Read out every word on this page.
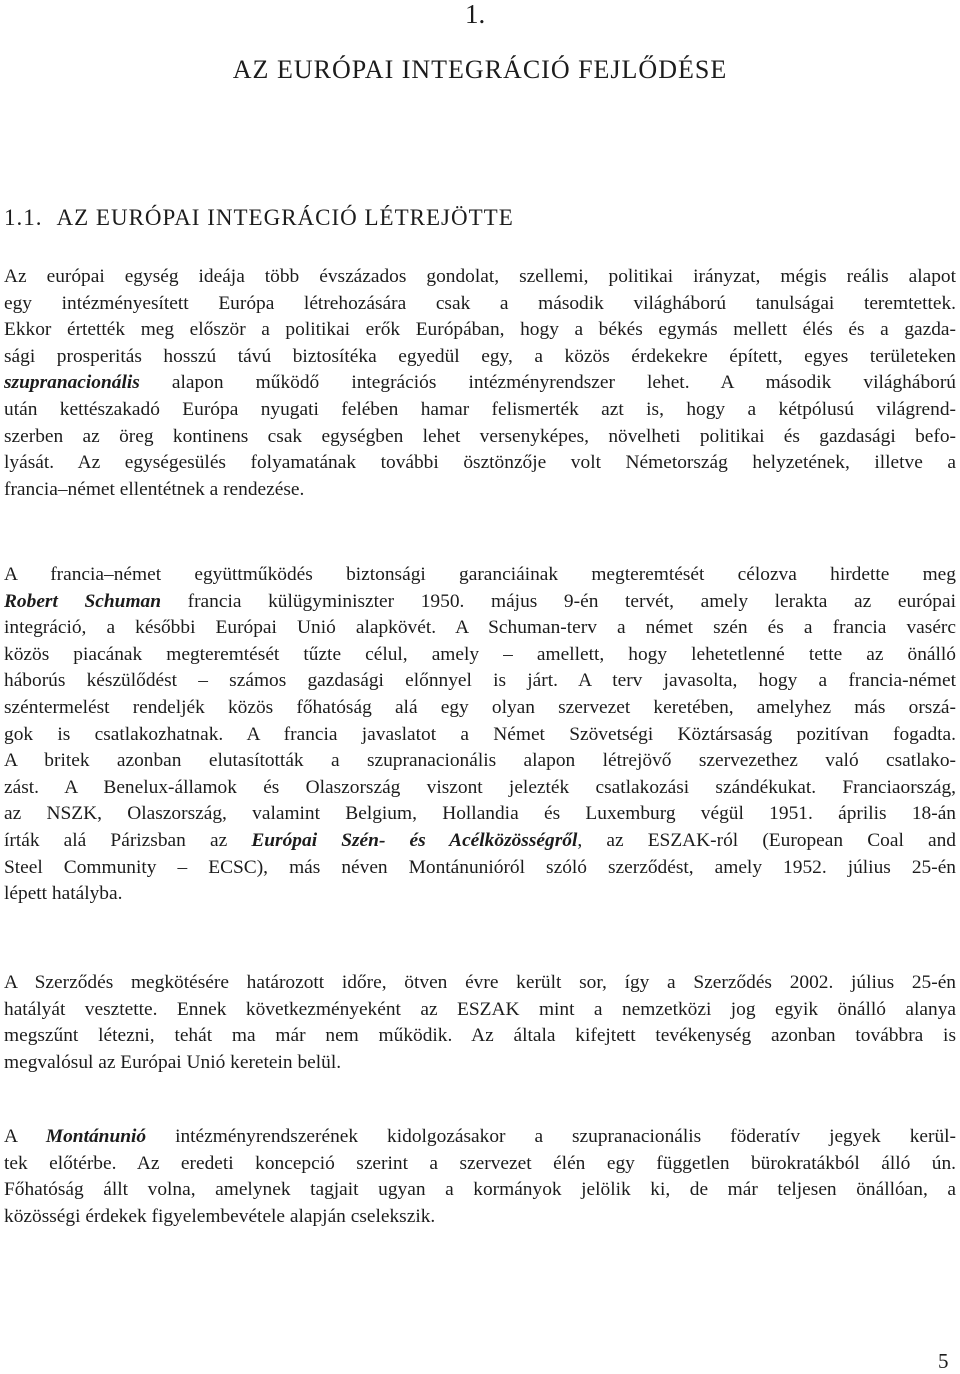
1.
AZ EURÓPAI INTEGRÁCIÓ FEJLŐDÉSE
1.1. AZ EURÓPAI INTEGRÁCIÓ LÉTREJÖTTE

Az európai egység ideája több évszázados gondolat, szellemi, politikai irányzat, mégis reális alapot
egy intézményesített Európa létrehozására csak a második világháború tanulságai teremtettek.
Ekkor értették meg először a politikai erők Európában, hogy a békés egymás mellett élés és a gazda-
sági prosperitás hosszú távú biztosítéka egyedül egy, a közös érdekekre épített, egyes területeken
szupranacionális alapon működő integrációs intézményrendszer lehet. A második világháború
után kettészakadó Európa nyugati felében hamar felismerték azt is, hogy a kétpólusú világrend-
szerben az öreg kontinens csak egységben lehet versenyképes, növelheti politikai és gazdasági befo-
lyását. Az egységesülés folyamatának további ösztönzője volt Németország helyzetének, illetve a
francia–német ellentétnek a rendezése.

A francia–német együttműködés biztonsági garanciáinak megteremtését célozva hirdette meg
Robert Schuman francia külügyminiszter 1950. május 9-én tervét, amely lerakta az európai
integráció, a későbbi Európai Unió alapkövét. A Schuman-terv a német szén és a francia vasérc
közös piacának megteremtését tűzte célul, amely – amellett, hogy lehetetlenné tette az önálló
háborús készülődést – számos gazdasági előnnyel is járt. A terv javasolta, hogy a francia-német
széntermelést rendeljék közös főhatóság alá egy olyan szervezet keretében, amelyhez más orszá-
gok is csatlakozhatnak. A francia javaslatot a Német Szövetségi Köztársaság pozitívan fogadta.
A britek azonban elutasították a szupranacionális alapon létrejövő szervezethez való csatlako-
zást. A Benelux-államok és Olaszország viszont jelezték csatlakozási szándékukat. Franciaország,
az NSZK, Olaszország, valamint Belgium, Hollandia és Luxemburg végül 1951. április 18-án
írták alá Párizsban az Európai Szén- és Acélközösségről, az ESZAK-ról (European Coal and
Steel Community – ECSC), más néven Montánunióról szóló szerződést, amely 1952. július 25-én
lépett hatályba.

A Szerződés megkötésére határozott időre, ötven évre került sor, így a Szerződés 2002. július 25-én
hatályát vesztette. Ennek következményeként az ESZAK mint a nemzetközi jog egyik önálló alanya
megszűnt létezni, tehát ma már nem működik. Az általa kifejtett tevékenység azonban továbbra is
megvalósul az Európai Unió keretein belül.

A Montánunió intézményrendszerének kidolgozásakor a szupranacionális föderatív jegyek kerül-
tek előtérbe. Az eredeti koncepció szerint a szervezet élén egy független bürokratákból álló ún.
Főhatóság állt volna, amelynek tagjait ugyan a kormányok jelölik ki, de már teljesen önállóan, a
közösségi érdekek figyelembevétele alapján cselekszik.

5
